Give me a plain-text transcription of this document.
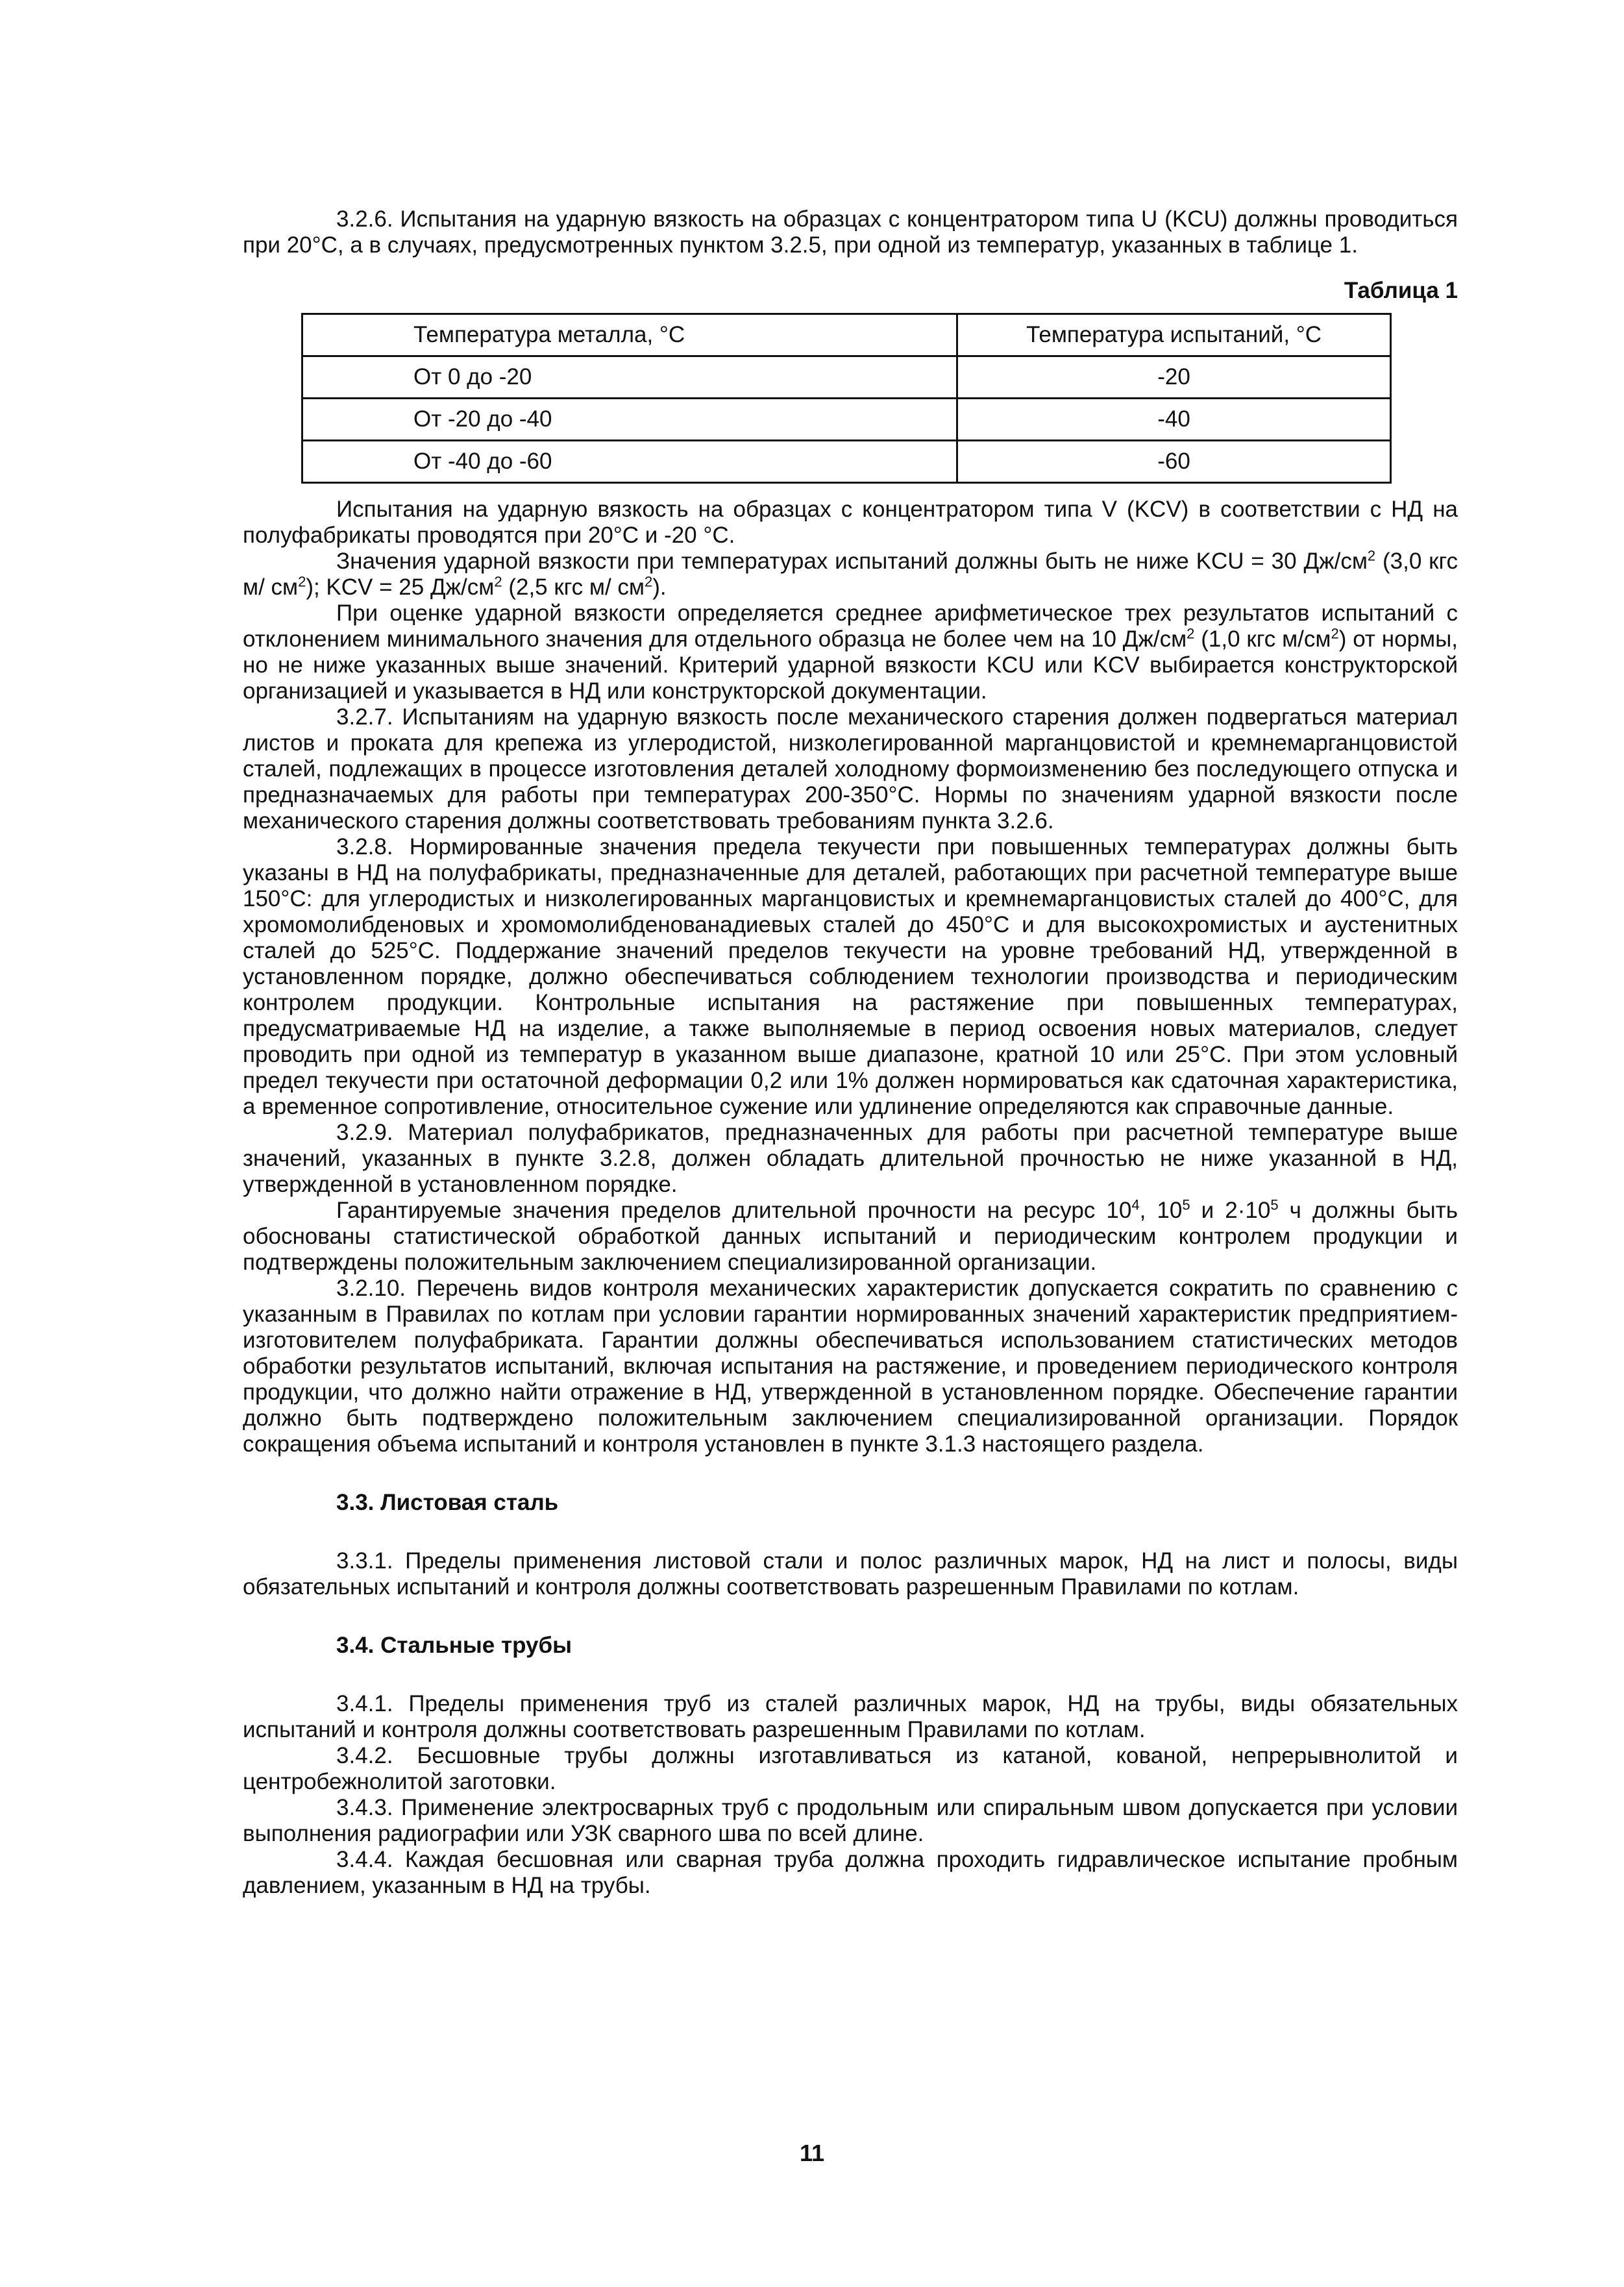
3.2.6. Испытания на ударную вязкость на образцах с концентратором типа U (KCU) должны проводиться при 20°C, а в случаях, предусмотренных пунктом 3.2.5, при одной из температур, указанных в таблице 1.

Таблица 1
Температура металла, °C	Температура испытаний, °C
От 0 до -20	-20
От -20 до -40	-40
От -40 до -60	-60

Испытания на ударную вязкость на образцах с концентратором типа V (KCV) в соответствии с НД на полуфабрикаты проводятся при 20°C и -20 °C.

Значения ударной вязкости при температурах испытаний должны быть не ниже KCU = 30 $Дж/см^2$ (3,0 кгс м/ $см^2$); KCV = 25 $Дж/см^2$ (2,5 кгс м/ $см^2$).

При оценке ударной вязкости определяется среднее арифметическое трех результатов испытаний с отклонением минимального значения для отдельного образца не более чем на 10 $Дж/см^2$ (1,0 кгс $м/см^2$) от нормы, но не ниже указанных выше значений. Критерий ударной вязкости KCU или KCV выбирается конструкторской организацией и указывается в НД или конструкторской документации.

3.2.7. Испытаниям на ударную вязкость после механического старения должен подвергаться материал листов и проката для крепежа из углеродистой, низколегированной марганцовистой и кремнемарганцовистой сталей, подлежащих в процессе изготовления деталей холодному формоизменению без последующего отпуска и предназначаемых для работы при температурах 200-350°C. Нормы по значениям ударной вязкости после механического старения должны соответствовать требованиям пункта 3.2.6.

3.2.8. Нормированные значения предела текучести при повышенных температурах должны быть указаны в НД на полуфабрикаты, предназначенные для деталей, работающих при расчетной температуре выше 150°C: для углеродистых и низколегированных марганцовистых и кремнемарганцовистых сталей до 400°C, для хромомолибденовых и хромомолибденованадиевых сталей до 450°C и для высокохромистых и аустенитных сталей до 525°C. Поддержание значений пределов текучести на уровне требований НД, утвержденной в установленном порядке, должно обеспечиваться соблюдением технологии производства и периодическим контролем продукции. Контрольные испытания на растяжение при повышенных температурах, предусматриваемые НД на изделие, а также выполняемые в период освоения новых материалов, следует проводить при одной из температур в указанном выше диапазоне, кратной 10 или 25°C. При этом условный предел текучести при остаточной деформации 0,2 или 1% должен нормироваться как сдаточная характеристика, а временное сопротивление, относительное сужение или удлинение определяются как справочные данные.

3.2.9. Материал полуфабрикатов, предназначенных для работы при расчетной температуре выше значений, указанных в пункте 3.2.8, должен обладать длительной прочностью не ниже указанной в НД, утвержденной в установленном порядке.

Гарантируемые значения пределов длительной прочности на ресурс $10^4$, $10^5$ и $2\cdot 10^5$ ч должны быть обоснованы статистической обработкой данных испытаний и периодическим контролем продукции и подтверждены положительным заключением специализированной организации.

3.2.10. Перечень видов контроля механических характеристик допускается сократить по сравнению с указанным в Правилах по котлам при условии гарантии нормированных значений характеристик предприятием-изготовителем полуфабриката. Гарантии должны обеспечиваться использованием статистических методов обработки результатов испытаний, включая испытания на растяжение, и проведением периодического контроля продукции, что должно найти отражение в НД, утвержденной в установленном порядке. Обеспечение гарантии должно быть подтверждено положительным заключением специализированной организации. Порядок сокращения объема испытаний и контроля установлен в пункте 3.1.3 настоящего раздела.

3.3. Листовая сталь

3.3.1. Пределы применения листовой стали и полос различных марок, НД на лист и полосы, виды обязательных испытаний и контроля должны соответствовать разрешенным Правилами по котлам.

3.4. Стальные трубы

3.4.1. Пределы применения труб из сталей различных марок, НД на трубы, виды обязательных испытаний и контроля должны соответствовать разрешенным Правилами по котлам.

3.4.2. Бесшовные трубы должны изготавливаться из катаной, кованой, непрерывнолитой и центробежнолитой заготовки.

3.4.3. Применение электросварных труб с продольным или спиральным швом допускается при условии выполнения радиографии или УЗК сварного шва по всей длине.

3.4.4. Каждая бесшовная или сварная труба должна проходить гидравлическое испытание пробным давлением, указанным в НД на трубы.

11
